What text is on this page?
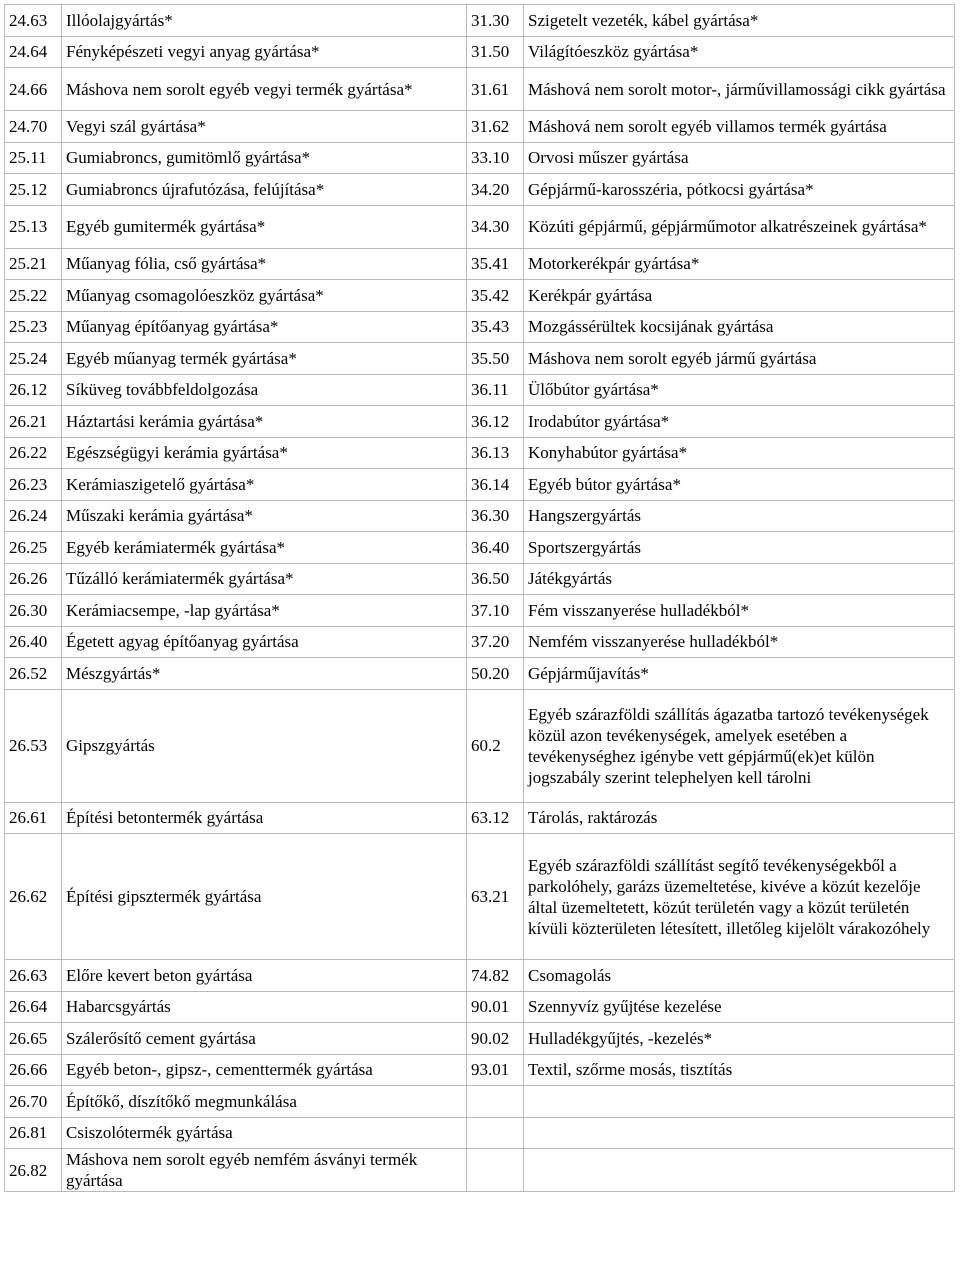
24.63	Illóolajgyártás*	31.30	Szigetelt vezeték, kábel gyártása*
24.64	Fényképészeti vegyi anyag gyártása*	31.50	Világítóeszköz gyártása*
24.66	Máshova nem sorolt egyéb vegyi termék gyártása*	31.61	Máshová nem sorolt motor-, járművillamossági cikk gyártása
24.70	Vegyi szál gyártása*	31.62	Máshová nem sorolt egyéb villamos termék gyártása
25.11	Gumiabroncs, gumitömlő gyártása*	33.10	Orvosi műszer gyártása
25.12	Gumiabroncs újrafutózása, felújítása*	34.20	Gépjármű-karosszéria, pótkocsi gyártása*
25.13	Egyéb gumitermék gyártása*	34.30	Közúti gépjármű, gépjárműmotor alkatrészeinek gyártása*
25.21	Műanyag fólia, cső gyártása*	35.41	Motorkerékpár gyártása*
25.22	Műanyag csomagolóeszköz gyártása*	35.42	Kerékpár gyártása
25.23	Műanyag építőanyag gyártása*	35.43	Mozgássérültek kocsijának gyártása
25.24	Egyéb műanyag termék gyártása*	35.50	Máshova nem sorolt egyéb jármű gyártása
26.12	Síküveg továbbfeldolgozása	36.11	Ülőbútor gyártása*
26.21	Háztartási kerámia gyártása*	36.12	Irodabútor gyártása*
26.22	Egészségügyi kerámia gyártása*	36.13	Konyhabútor gyártása*
26.23	Kerámiaszigetelő gyártása*	36.14	Egyéb bútor gyártása*
26.24	Műszaki kerámia gyártása*	36.30	Hangszergyártás
26.25	Egyéb kerámiatermék gyártása*	36.40	Sportszergyártás
26.26	Tűzálló kerámiatermék gyártása*	36.50	Játékgyártás
26.30	Kerámiacsempe, -lap gyártása*	37.10	Fém visszanyerése hulladékból*
26.40	Égetett agyag építőanyag gyártása	37.20	Nemfém visszanyerése hulladékból*
26.52	Mészgyártás*	50.20	Gépjárműjavítás*
26.53	Gipszgyártás	60.2	Egyéb szárazföldi szállítás ágazatba tartozó tevékenységek közül azon tevékenységek, amelyek esetében a tevékenységhez igénybe vett gépjármű(ek)et külön jogszabály szerint telephelyen kell tárolni
26.61	Építési betontermék gyártása	63.12	Tárolás, raktározás
26.62	Építési gipsztermék gyártása	63.21	Egyéb szárazföldi szállítást segítő tevékenységekből a parkolóhely, garázs üzemeltetése, kivéve a közút kezelője által üzemeltetett, közút területén vagy a közút területén kívüli közterületen létesített, illetőleg kijelölt várakozóhely
26.63	Előre kevert beton gyártása	74.82	Csomagolás
26.64	Habarcsgyártás	90.01	Szennyvíz gyűjtése kezelése
26.65	Szálerősítő cement gyártása	90.02	Hulladékgyűjtés, -kezelés*
26.66	Egyéb beton-, gipsz-, cementtermék gyártása	93.01	Textil, szőrme mosás, tisztítás
26.70	Építőkő, díszítőkő megmunkálása		
26.81	Csiszolótermék gyártása		
26.82	Máshova nem sorolt egyéb nemfém ásványi termék gyártása		
